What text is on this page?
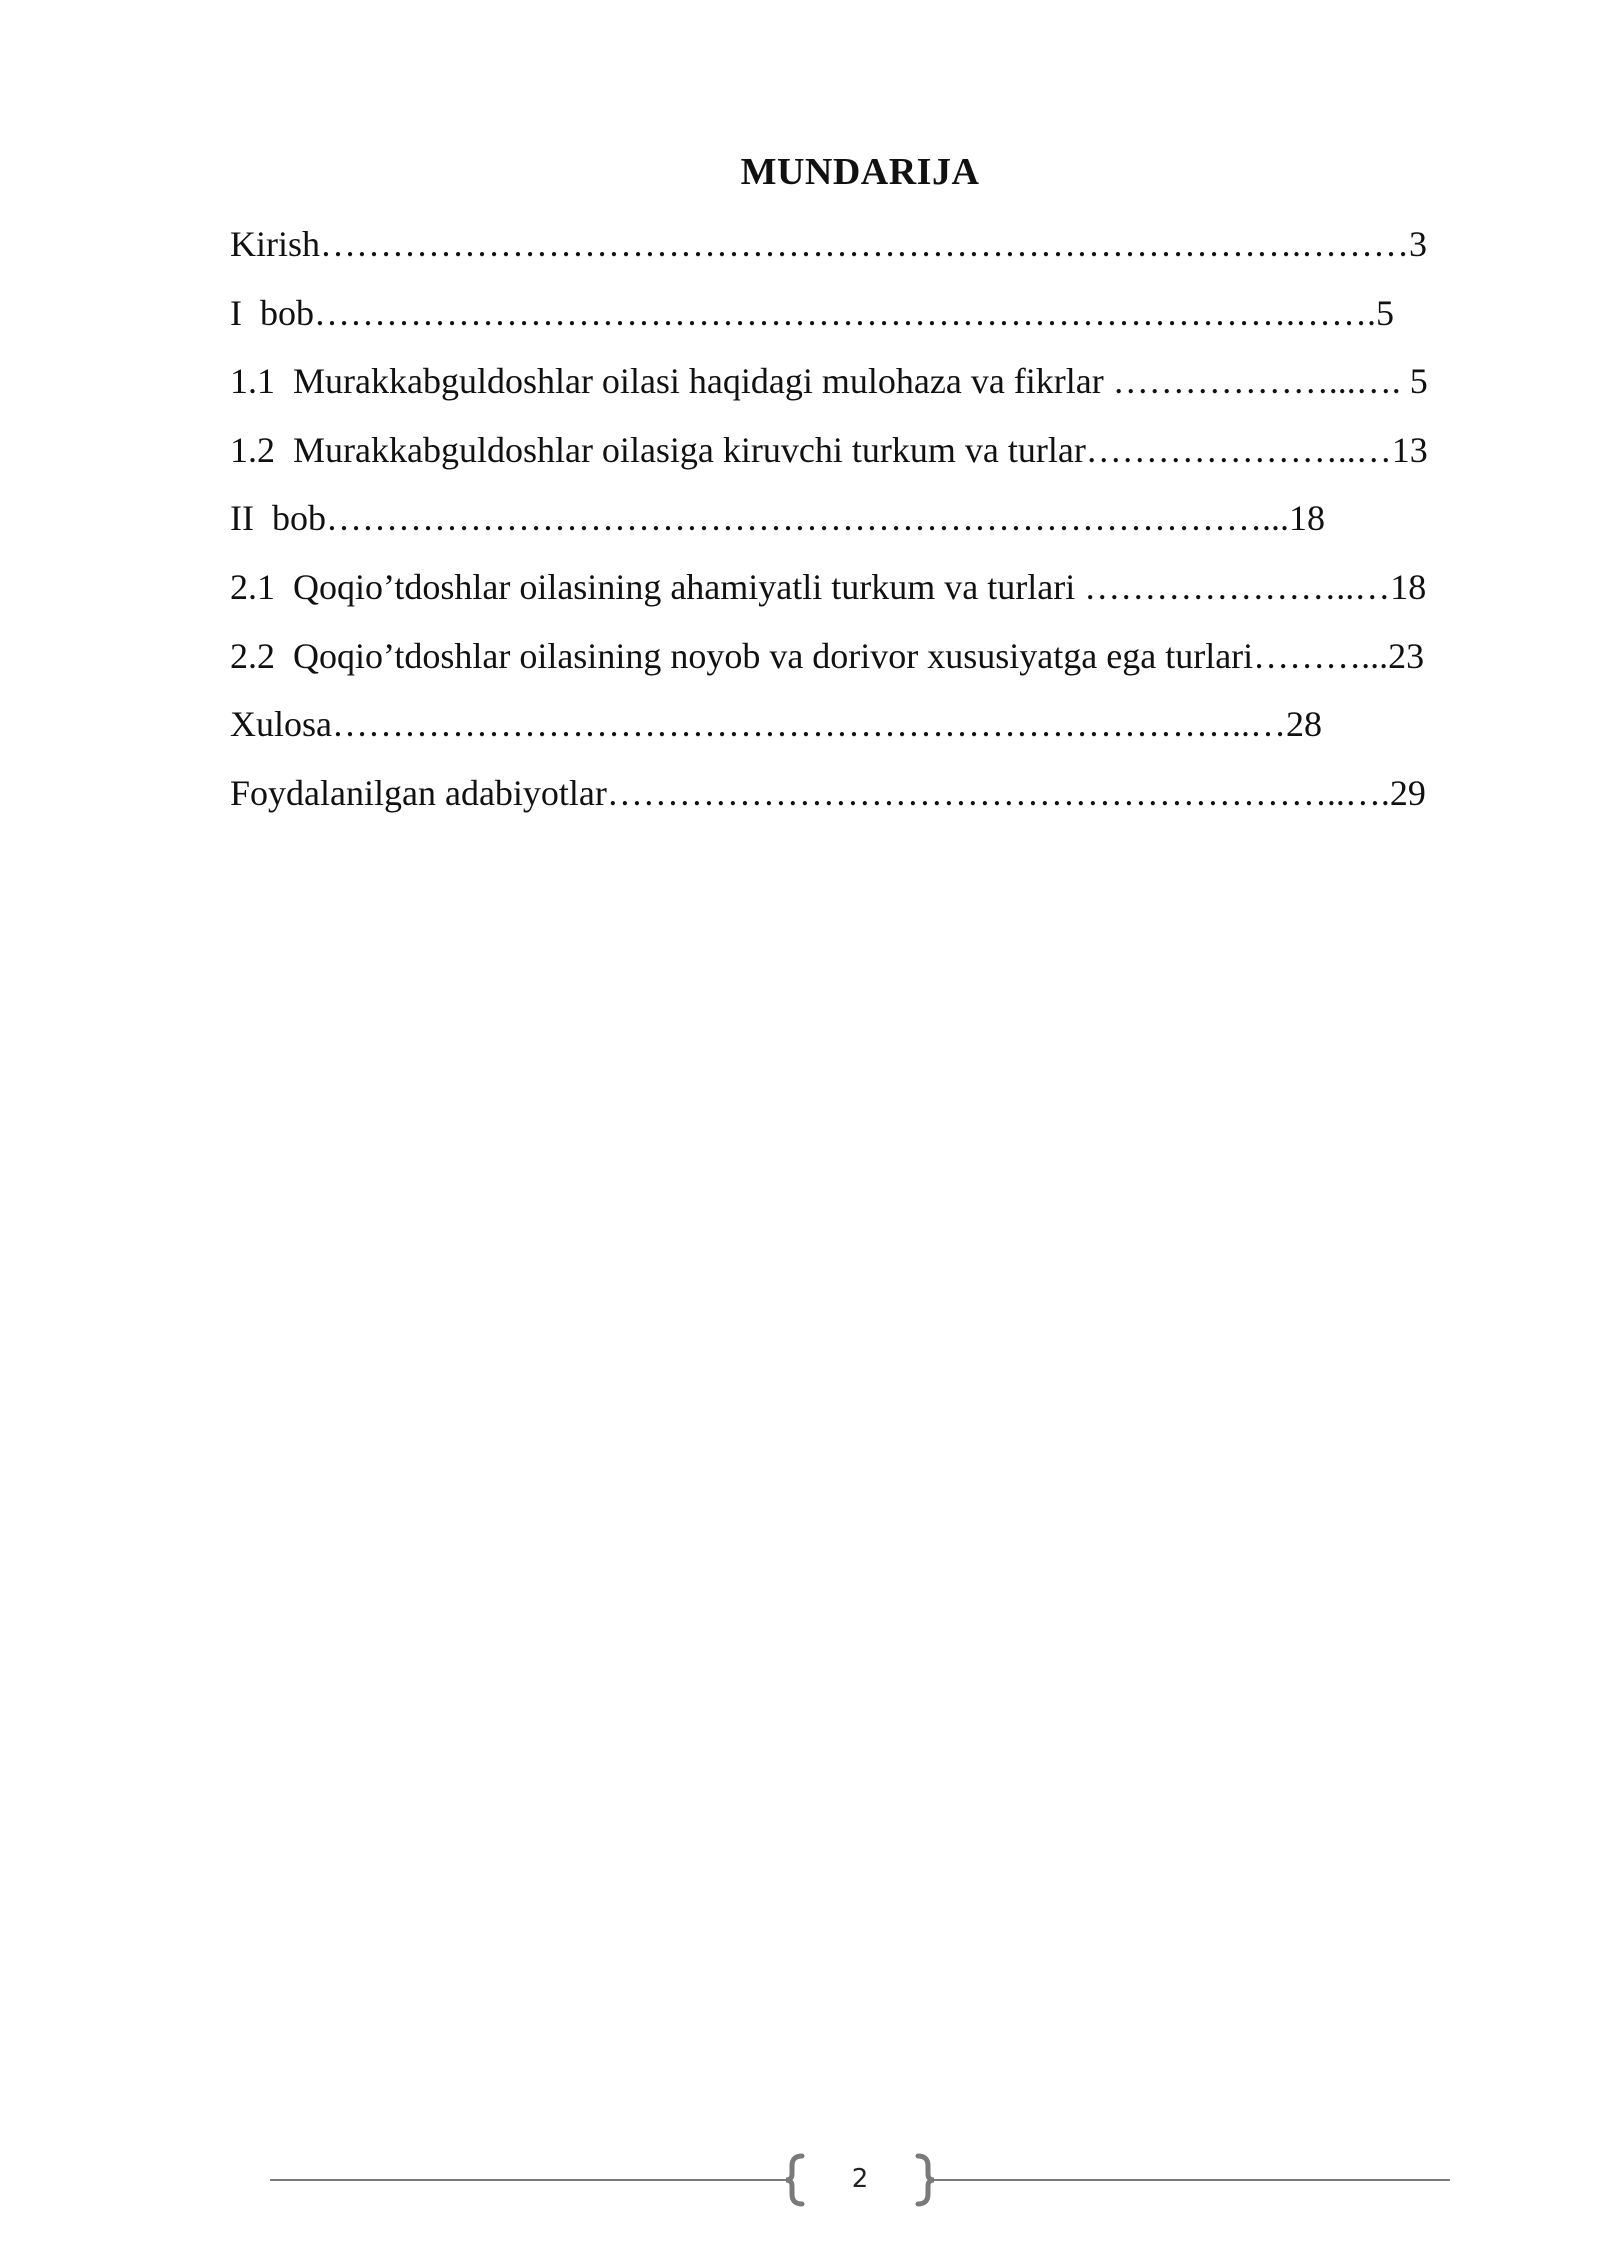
MUNDARIJA
Kirish……………………………………………………………………….………3
I  bob……………………………………………………………………….…….5
1.1  Murakkabguldoshlar oilasi haqidagi mulohaza va fikrlar ………………...…. 5
1.2  Murakkabguldoshlar oilasiga kiruvchi turkum va turlar…………………..…13
II  bob……………………………………………………………………...18
2.1  Qoqio’tdoshlar oilasining ahamiyatli turkum va turlari …………………..…18
2.2  Qoqio’tdoshlar oilasining noyob va dorivor xususiyatga ega turlari………...23
Xulosa…………………………………………………………………..…28
Foydalanilgan adabiyotlar……………………………………………………..….29
2
